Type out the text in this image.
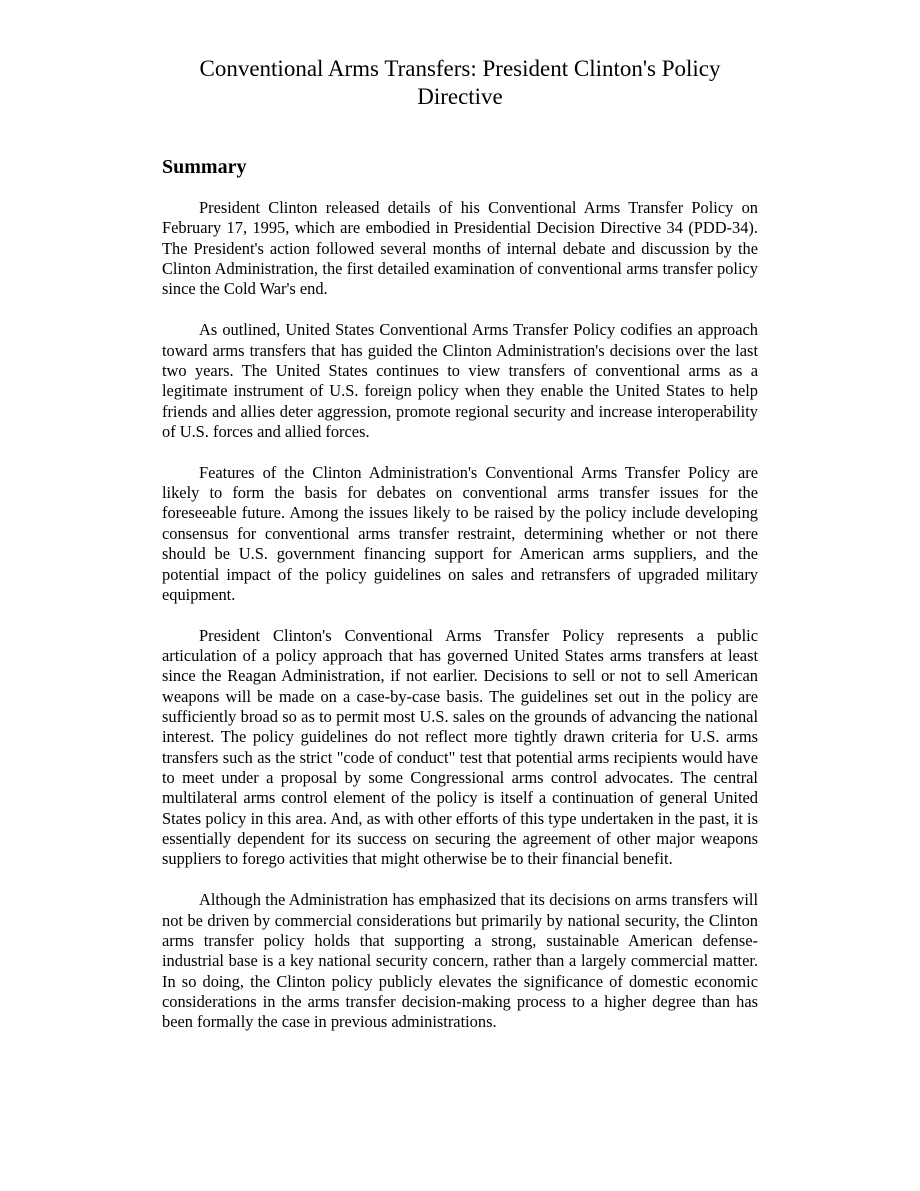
Conventional Arms Transfers: President Clinton's Policy Directive
Summary

President Clinton released details of his Conventional Arms Transfer Policy on February 17, 1995, which are embodied in Presidential Decision Directive 34 (PDD-34). The President's action followed several months of internal debate and discussion by the Clinton Administration, the first detailed examination of conventional arms transfer policy since the Cold War's end.

As outlined, United States Conventional Arms Transfer Policy codifies an approach toward arms transfers that has guided the Clinton Administration's decisions over the last two years. The United States continues to view transfers of conventional arms as a legitimate instrument of U.S. foreign policy when they enable the United States to help friends and allies deter aggression, promote regional security and increase interoperability of U.S. forces and allied forces.

Features of the Clinton Administration's Conventional Arms Transfer Policy are likely to form the basis for debates on conventional arms transfer issues for the foreseeable future. Among the issues likely to be raised by the policy include developing consensus for conventional arms transfer restraint, determining whether or not there should be U.S. government financing support for American arms suppliers, and the potential impact of the policy guidelines on sales and retransfers of upgraded military equipment.

President Clinton's Conventional Arms Transfer Policy represents a public articulation of a policy approach that has governed United States arms transfers at least since the Reagan Administration, if not earlier. Decisions to sell or not to sell American weapons will be made on a case-by-case basis. The guidelines set out in the policy are sufficiently broad so as to permit most U.S. sales on the grounds of advancing the national interest. The policy guidelines do not reflect more tightly drawn criteria for U.S. arms transfers such as the strict "code of conduct" test that potential arms recipients would have to meet under a proposal by some Congressional arms control advocates. The central multilateral arms control element of the policy is itself a continuation of general United States policy in this area. And, as with other efforts of this type undertaken in the past, it is essentially dependent for its success on securing the agreement of other major weapons suppliers to forego activities that might otherwise be to their financial benefit.

Although the Administration has emphasized that its decisions on arms transfers will not be driven by commercial considerations but primarily by national security, the Clinton arms transfer policy holds that supporting a strong, sustainable American defense-industrial base is a key national security concern, rather than a largely commercial matter. In so doing, the Clinton policy publicly elevates the significance of domestic economic considerations in the arms transfer decision-making process to a higher degree than has been formally the case in previous administrations.
